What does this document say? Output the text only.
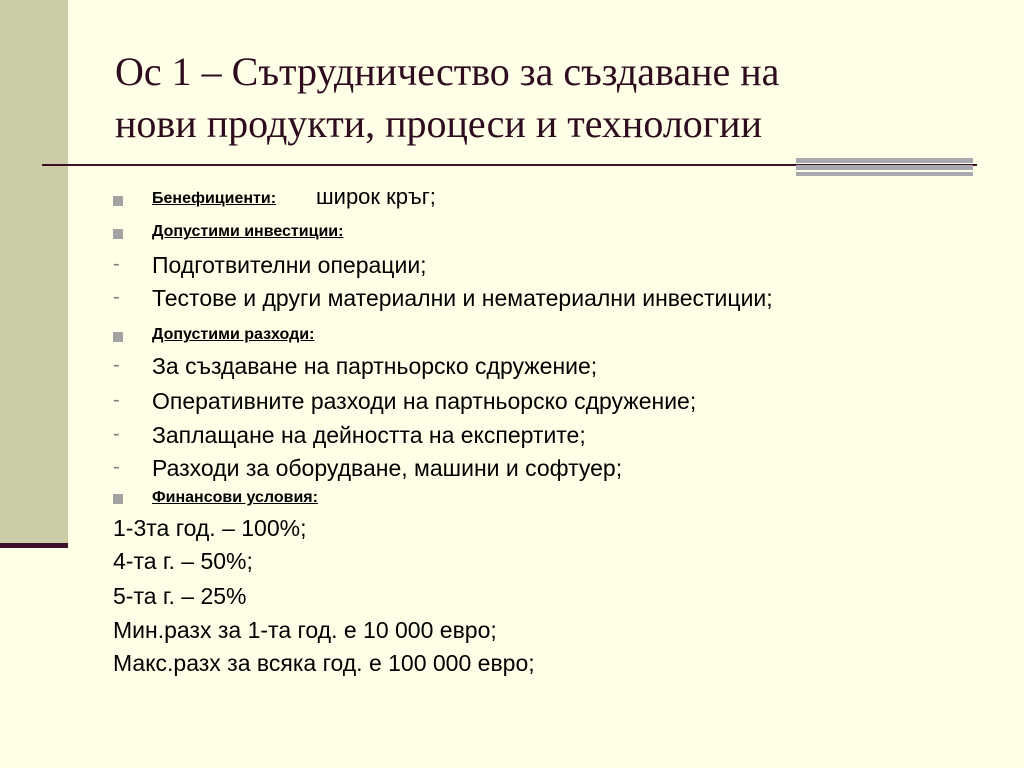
Ос 1 – Сътрудничество за създаване на
нови продукти, процеси и технологии
Бенефициенти: широк кръг;
Допустими инвестиции:
- Подготвителни операции;
- Тестове и други материални и нематериални инвестиции;
Допустими разходи:
- За създаване на партньорско сдружение;
- Оперативните разходи на партньорско сдружение;
- Заплащане на дейността на експертите;
- Разходи за оборудване, машини и софтуер;
Финансови условия:
1-3та год. – 100%;
4-та г. – 50%;
5-та г. – 25%
Мин.разх за 1-та год. е 10 000 евро;
Макс.разх за всяка год. е 100 000 евро;
